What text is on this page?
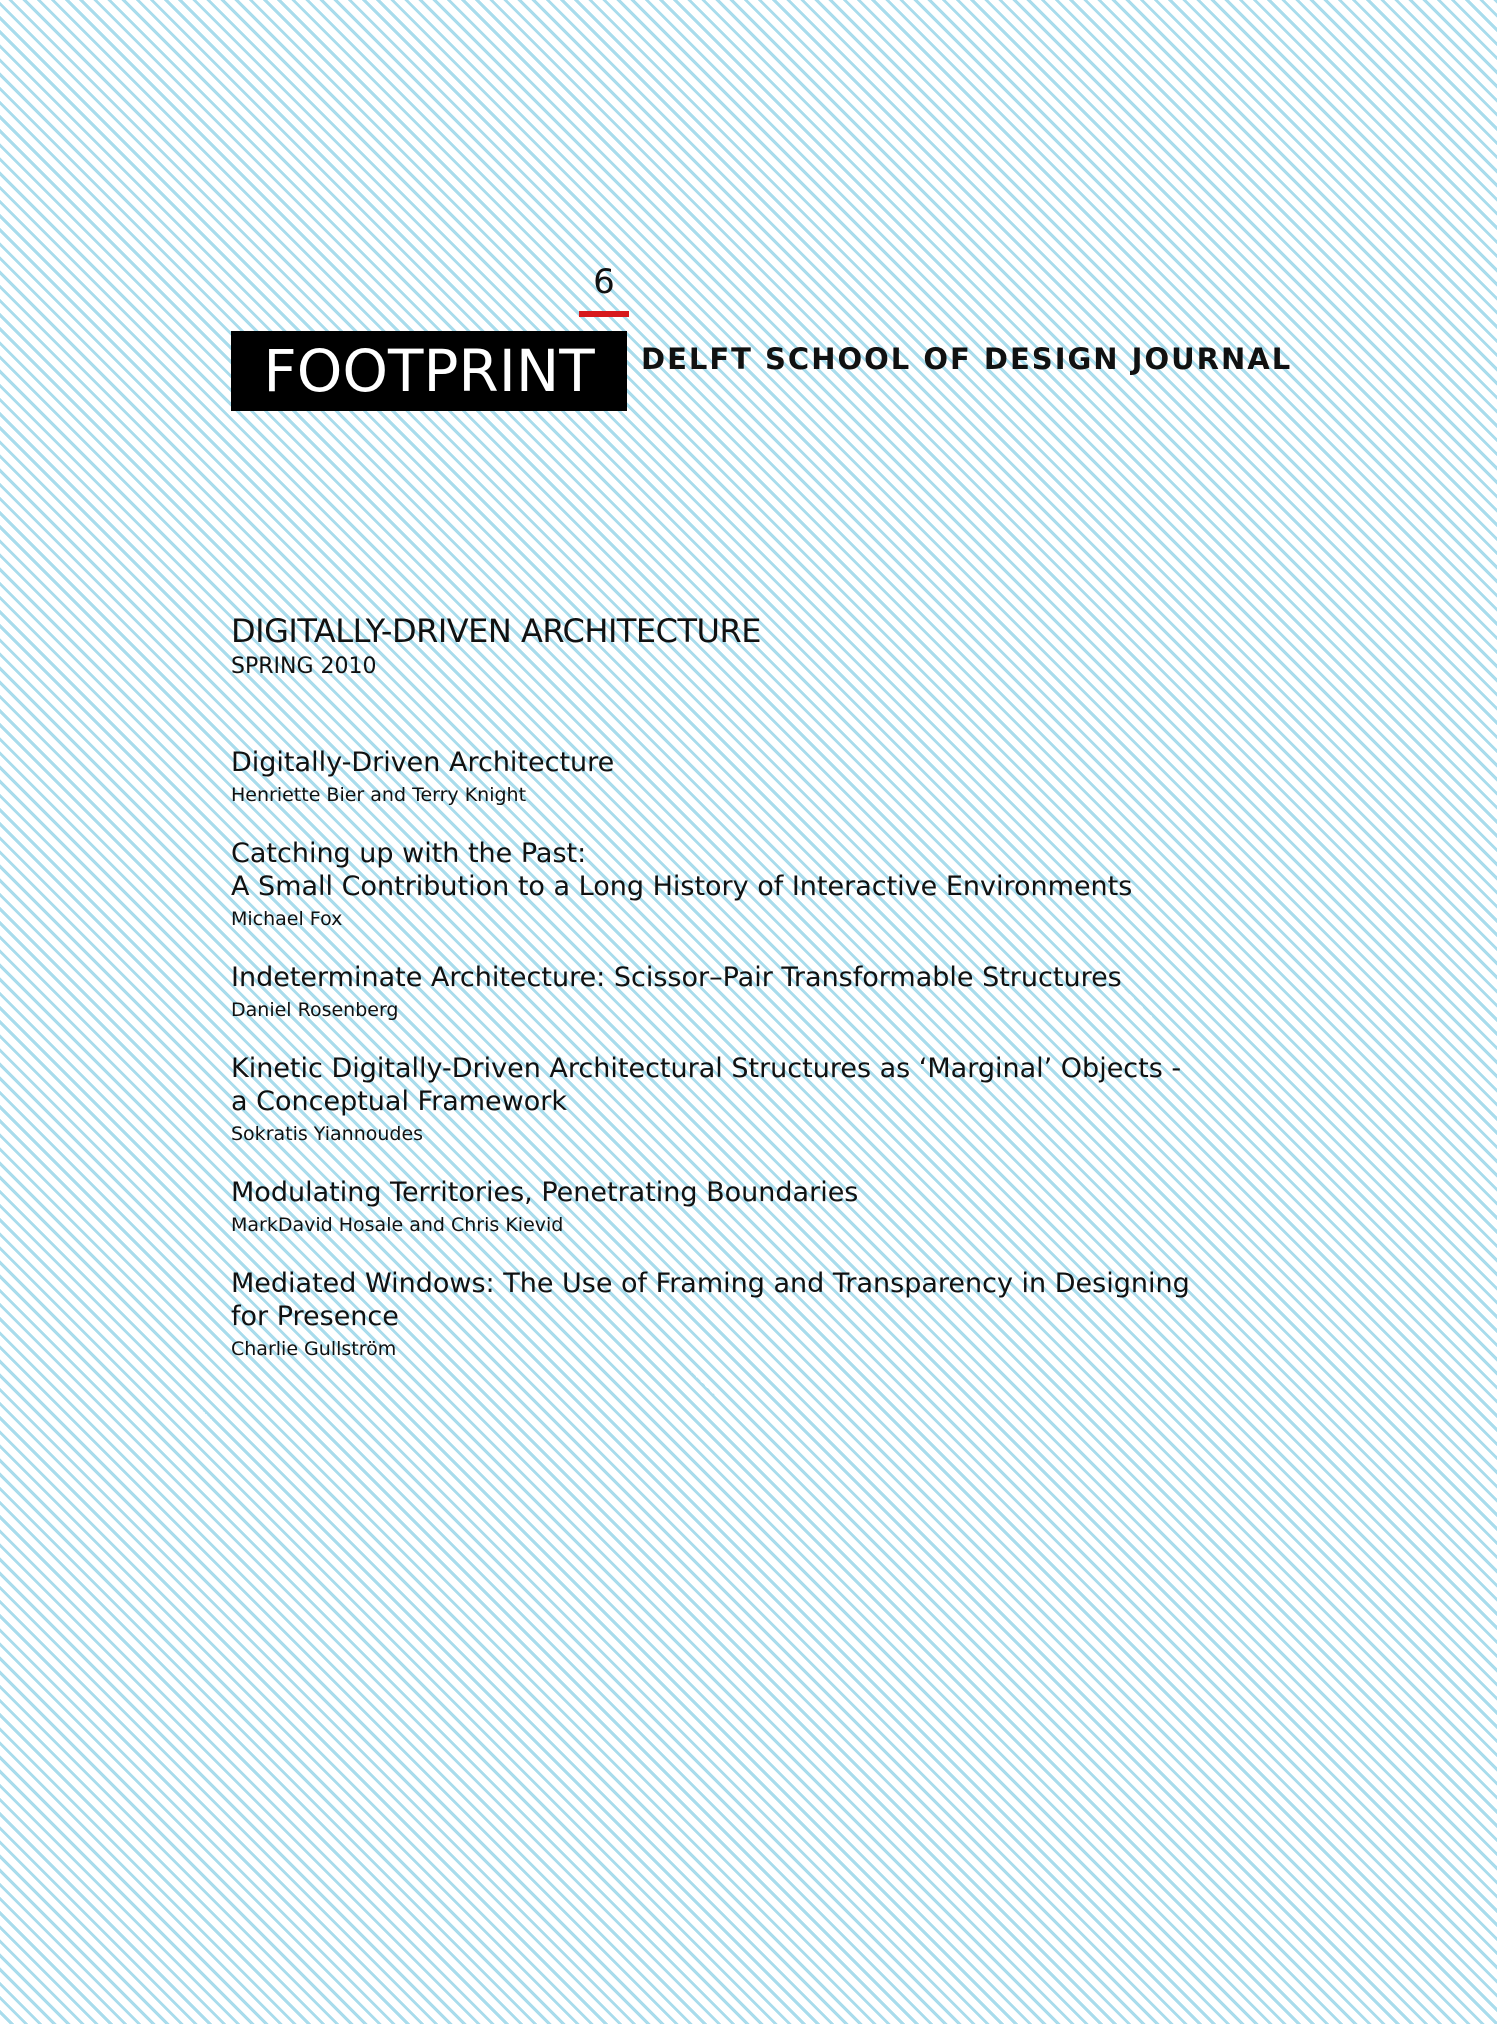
6
FOOTPRINT	DELFT SCHOOL OF DESIGN JOURNAL
DIGITALLY-DRIVEN ARCHITECTURE
SPRING 2010
Digitally-Driven Architecture
Henriette Bier and Terry Knight
Catching up with the Past:
A Small Contribution to a Long History of Interactive Environments
Michael Fox
Indeterminate Architecture: Scissor–Pair Transformable Structures
Daniel Rosenberg
Kinetic Digitally-Driven Architectural Structures as ‘Marginal’ Objects -
a Conceptual Framework
Sokratis Yiannoudes
Modulating Territories, Penetrating Boundaries
MarkDavid Hosale and Chris Kievid
Mediated Windows: The Use of Framing and Transparency in Designing
for Presence
Charlie Gullström
